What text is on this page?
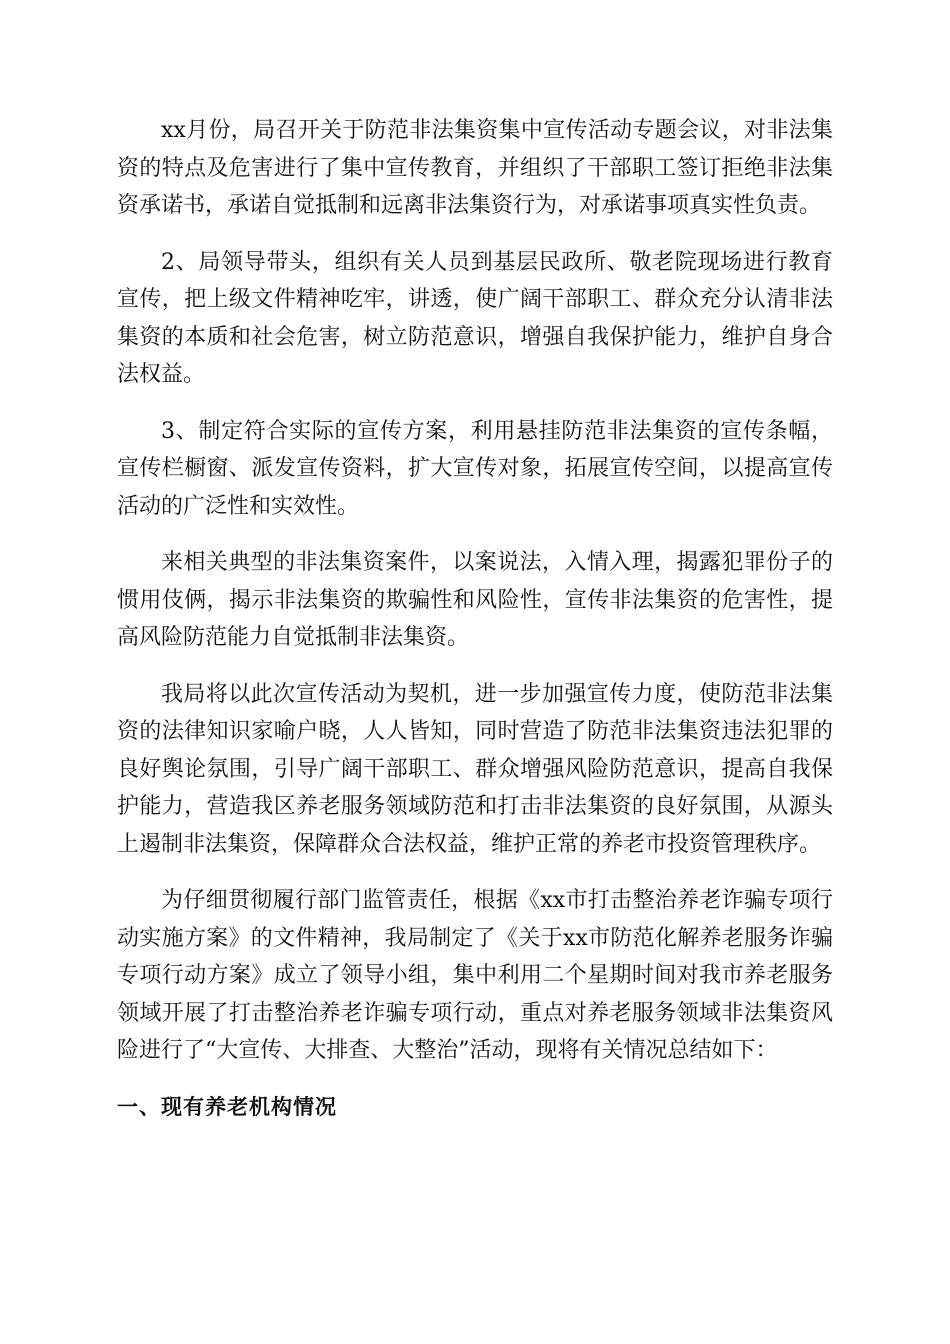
xx月份，局召开关于防范非法集资集中宣传活动专题会议，对非法集资的特点及危害进行了集中宣传教育，并组织了干部职工签订拒绝非法集资承诺书，承诺自觉抵制和远离非法集资行为，对承诺事项真实性负责。

2、局领导带头，组织有关人员到基层民政所、敬老院现场进行教育宣传，把上级文件精神吃牢，讲透，使广阔干部职工、群众充分认清非法集资的本质和社会危害，树立防范意识，增强自我保护能力，维护自身合法权益。

3、制定符合实际的宣传方案，利用悬挂防范非法集资的宣传条幅，宣传栏橱窗、派发宣传资料，扩大宣传对象，拓展宣传空间，以提高宣传活动的广泛性和实效性。

来相关典型的非法集资案件，以案说法，入情入理，揭露犯罪份子的惯用伎俩，揭示非法集资的欺骗性和风险性，宣传非法集资的危害性，提高风险防范能力自觉抵制非法集资。

我局将以此次宣传活动为契机，进一步加强宣传力度，使防范非法集资的法律知识家喻户晓，人人皆知，同时营造了防范非法集资违法犯罪的良好舆论氛围，引导广阔干部职工、群众增强风险防范意识，提高自我保护能力，营造我区养老服务领域防范和打击非法集资的良好氛围，从源头上遏制非法集资，保障群众合法权益，维护正常的养老市投资管理秩序。

为仔细贯彻履行部门监管责任，根据《xx市打击整治养老诈骗专项行动实施方案》的文件精神，我局制定了《关于xx市防范化解养老服务诈骗专项行动方案》成立了领导小组，集中利用二个星期时间对我市养老服务领域开展了打击整治养老诈骗专项行动，重点对养老服务领域非法集资风险进行了“大宣传、大排查、大整治”活动，现将有关情况总结如下：

一、现有养老机构情况
